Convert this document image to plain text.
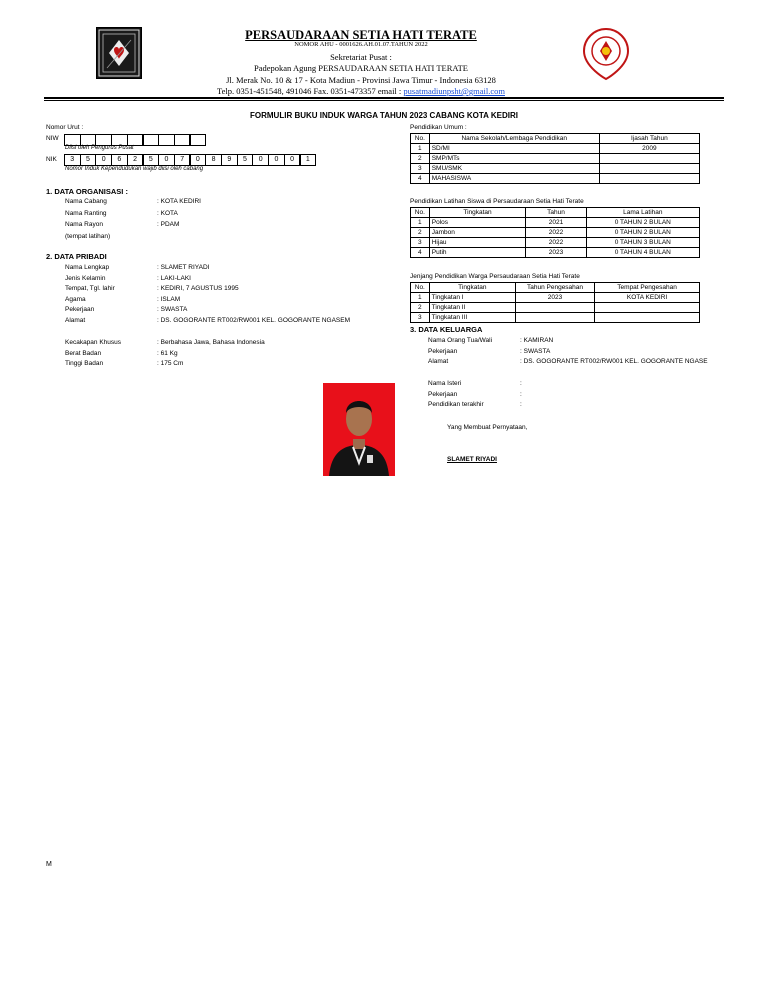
PERSAUDARAAN SETIA HATI TERATE
NOMOR AHU - 0001626.AH.01.07.TAHUN 2022
Sekretariat Pusat :
Padepokan Agung PERSAUDARAAN SETIA HATI TERATE
Jl. Merak No. 10 & 17 - Kota Madiun - Provinsi Jawa Timur - Indonesia 63128
Telp. 0351-451548, 491046 Fax. 0351-473357 email : pusatmadiunpsht@gmail.com
FORMULIR BUKU INDUK WARGA TAHUN 2023 CABANG KOTA KEDIRI
Nomor Urut :
NIW
Diisi oleh Pengurus Pusat
NIK	3	5	0	6	2	5	0	7	0	8	9	5	0	0	0	1
Nomor Induk Kependudukan wajib diisi oleh cabang
1. DATA ORGANISASI :
Nama Cabang	: KOTA KEDIRI
Nama Ranting	: KOTA
Nama Rayon	: PDAM
(tempat latihan)
2. DATA PRIBADI
Nama Lengkap	: SLAMET RIYADI
Jenis Kelamin	: LAKI-LAKI
Tempat, Tgl. lahir	: KEDIRI, 7 AGUSTUS 1995
Agama	: ISLAM
Pekerjaan	: SWASTA
Alamat	: DS. GOGORANTE RT002/RW001 KEL. GOGORANTE NGASEM
Kecakapan Khusus	: Berbahasa Jawa, Bahasa Indonesia
Berat Badan	: 61 Kg
Tinggi Badan	: 175 Cm
Pendidikan Umum :
No.	Nama Sekolah/Lembaga Pendidikan	Ijasah Tahun
1	SD/MI	2009
2	SMP/MTs	
3	SMU/SMK	
4	MAHASISWA	
Pendidikan Latihan Siswa di Persaudaraan Setia Hati Terate
No.	Tingkatan	Tahun	Lama Latihan
1	Polos	2021	0 TAHUN 2 BULAN
2	Jambon	2022	0 TAHUN 2 BULAN
3	Hijau	2022	0 TAHUN 3 BULAN
4	Putih	2023	0 TAHUN 4 BULAN
Jenjang Pendidikan Warga Persaudaraan Setia Hati Terate
No.	Tingkatan	Tahun Pengesahan	Tempat Pengesahan
1	Tingkatan I	2023	KOTA KEDIRI
2	Tingkatan II		
3	Tingkatan III		
3. DATA KELUARGA
Nama Orang Tua/Wali	: KAMIRAN
Pekerjaan	: SWASTA
Alamat	: DS. GOGORANTE RT002/RW001 KEL. GOGORANTE NGASE
Nama Isteri	:
Pekerjaan	:
Pendidikan terakhir	:
Yang Membuat Pernyataan,
SLAMET RIYADI
M
